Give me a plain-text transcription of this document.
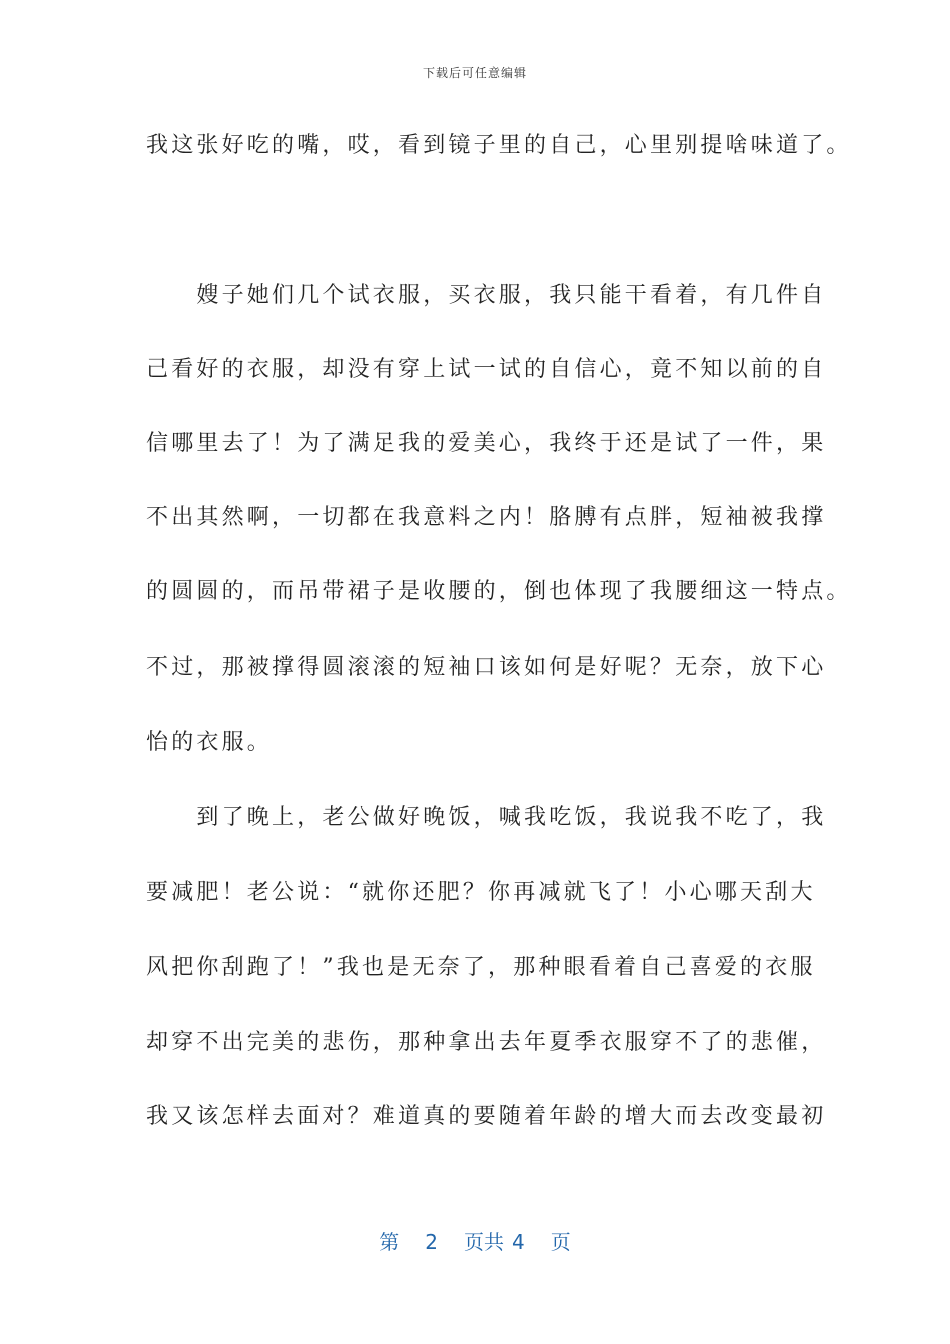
下载后可任意编辑
我这张好吃的嘴，哎，看到镜子里的自己，心里别提啥味道了。
　　嫂子她们几个试衣服，买衣服，我只能干看着，有几件自
己看好的衣服，却没有穿上试一试的自信心，竟不知以前的自
信哪里去了！为了满足我的爱美心，我终于还是试了一件，果
不出其然啊，一切都在我意料之内！胳膊有点胖，短袖被我撑
的圆圆的，而吊带裙子是收腰的，倒也体现了我腰细这一特点。
不过，那被撑得圆滚滚的短袖口该如何是好呢？无奈，放下心
怡的衣服。
　　到了晚上，老公做好晚饭，喊我吃饭，我说我不吃了，我
要减肥！老公说：“就你还肥？你再减就飞了！小心哪天刮大
风把你刮跑了！”我也是无奈了，那种眼看着自己喜爱的衣服
却穿不出完美的悲伤，那种拿出去年夏季衣服穿不了的悲催，
我又该怎样去面对？难道真的要随着年龄的增大而去改变最初
第 2 页共 4 页
